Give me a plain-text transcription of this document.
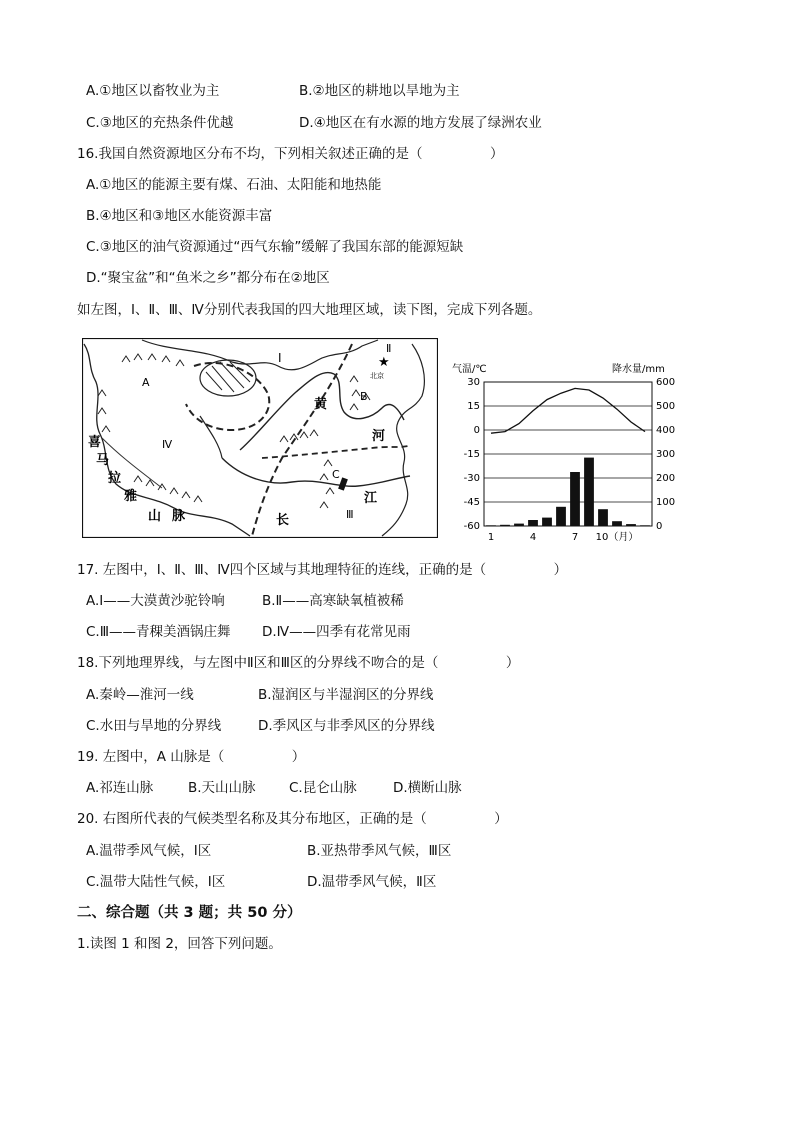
A.①地区以畜牧业为主	B.②地区的耕地以旱地为主
C.③地区的充热条件优越	D.④地区在有水源的地方发展了绿洲农业
16.我国自然资源地区分布不均，下列相关叙述正确的是（　　　　　）
A.①地区的能源主要有煤、石油、太阳能和地热能
B.④地区和③地区水能资源丰富
C.③地区的油气资源通过“西气东输”缓解了我国东部的能源短缺
D.“聚宝盆”和“鱼米之乡”都分布在②地区
如左图，Ⅰ、Ⅱ、Ⅲ、Ⅳ分别代表我国的四大地理区域，读下图，完成下列各题。
Ⅰ
Ⅱ
★
北京
Ⅲ
Ⅳ
A
B
C
喜
马
拉
雅
山 脉
黄
河
长
江
30
15
0
-15
-30
-45
-60
600
500
400
300
200
100
0
1	4	7 10（月）
气温/℃	降水量/mm
17. 左图中，Ⅰ、Ⅱ、Ⅲ、Ⅳ四个区域与其地理特征的连线，正确的是（　　　　　）
A.Ⅰ——大漠黄沙驼铃响	B.Ⅱ——高寒缺氧植被稀
C.Ⅲ——青稞美酒锅庄舞 D.Ⅳ——四季有花常见雨
18.下列地理界线，与左图中Ⅱ区和Ⅲ区的分界线不吻合的是（　　　　　）
A.秦岭—淮河一线	B.湿润区与半湿润区的分界线
C.水田与旱地的分界线	D.季风区与非季风区的分界线
19. 左图中，A 山脉是（　　　　　）
A.祁连山脉	B.天山山脉 C.昆仑山脉	D.横断山脉
20. 右图所代表的气候类型名称及其分布地区，正确的是（　　　　　）
A.温带季风气候，Ⅰ区	B.亚热带季风气候，Ⅲ区
C.温带大陆性气候，Ⅰ区	D.温带季风气候，Ⅱ区
二、综合题（共 3 题；共 50 分）
1.读图 1 和图 2，回答下列问题。
